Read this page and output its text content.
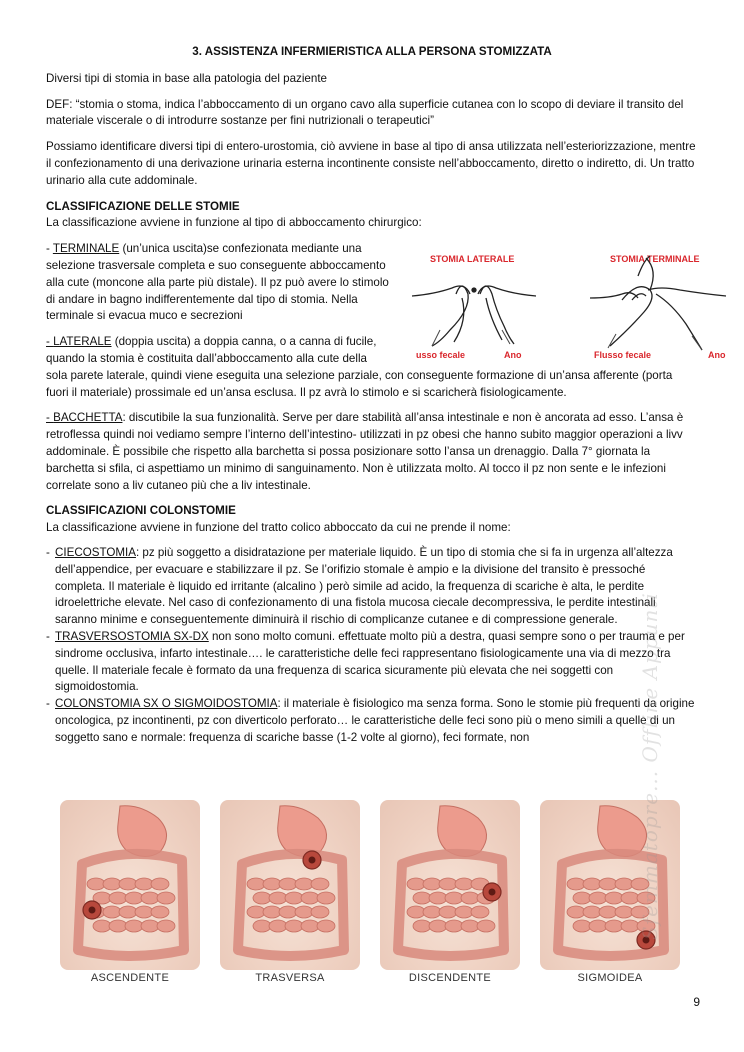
3. ASSISTENZA INFERMIERISTICA ALLA PERSONA STOMIZZATA

Diversi tipi di stomia in base alla patologia del paziente

DEF: “stomia o stoma, indica l’abboccamento di un organo cavo alla superficie cutanea con lo scopo di deviare il transito del materiale viscerale o di introdurre sostanze per fini nutrizionali o terapeutici”

Possiamo identificare diversi tipi di entero-urostomia, ciò avviene in base al tipo di ansa utilizzata nell’esteriorizzazione, mentre il confezionamento di una derivazione urinaria esterna incontinente consiste nell’abboccamento, diretto o indiretto, di. Un tratto urinario alla cute addominale.

CLASSIFICAZIONE DELLE STOMIE

La classificazione avviene in funzione al tipo di abboccamento chirurgico:

- TERMINALE (un’unica uscita)se confezionata mediante una selezione trasversale completa e suo conseguente abboccamento alla cute (moncone alla parte più distale). Il pz può avere lo stimolo di andare in bagno indifferentemente dal tipo di stomia. Nella terminale si evacua muco e secrezioni

- LATERALE (doppia uscita) a doppia canna, o a canna di fucile, quando la stomia è costituita dall’abboccamento alla cute della
sola parete laterale, quindi viene eseguita una selezione parziale, con conseguente formazione di un’ansa afferente (porta fuori il materiale) prossimale ed un’ansa esclusa. Il pz avrà lo stimolo e si scaricherà fisiologicamente.

- BACCHETTA: discutibile la sua funzionalità. Serve per dare stabilità all’ansa intestinale e non è ancorata ad esso. L’ansa è retroflessa quindi noi vediamo sempre l’interno dell’intestino- utilizzati in pz obesi che hanno subito maggior operazioni a livv addominale. È possibile che rispetto alla barchetta si possa posizionare sotto l’ansa un drenaggio. Dalla 7° giornata la barchetta si sfila, ci aspettiamo un minimo di sanguinamento. Non è utilizzata molto. Al tocco il pz non sente e le infezioni correlate sono a liv cutaneo più che a liv intestinale.

CLASSIFICAZIONI COLONSTOMIE
La classificazione avviene in funzione del tratto colico abboccato da cui ne prende il nome:
- CIECOSTOMIA: pz più soggetto a disidratazione per materiale liquido. È un tipo di stomia che si fa in urgenza all’altezza dell’appendice, per evacuare e stabilizzare il pz. Se l’orifizio stomale è ampio e la divisione del transito è pressoché completa. Il materiale è liquido ed irritante (alcalino ) però simile ad acido, la frequenza di scariche è alta, le perdite idroelettriche elevate. Nel caso di confezionamento di una fistola mucosa ciecale decompressiva, le perdite intestinali saranno minime e conseguentemente diminuirà il rischio di complicanze cutanee e di compressione generale.
- TRASVERSOSTOMIA SX-DX non sono molto comuni. effettuate molto più a destra, quasi sempre sono o per trauma e per sindrome occlusiva, infarto intestinale…. le caratteristiche delle feci rappresentano fisiologicamente una via di mezzo tra quelle. Il materiale fecale è formato da una frequenza di scarica sicuramente più elevata che nei soggetti con sigmoidostomia.
- COLONSTOMIA SX O SIGMOIDOSTOMIA: il materiale è fisiologico ma senza forma. Sono le stomie più frequenti da origine oncologica, pz incontinenti, pz con diverticolo perforato… le caratteristiche delle feci sono più o meno simili a quelle di un soggetto sano e normale: frequenza di scariche basse (1-2 volte al giorno), feci formate, non
STOMIA LATERALE	STOMIA TERMINALE
usso fecale	Ano	Flusso fecale	Ano
ASCENDENTE	TRASVERSA	DISCENDENTE	SIGMOIDEA
Sfemmatopre... Offline Appunti
9
